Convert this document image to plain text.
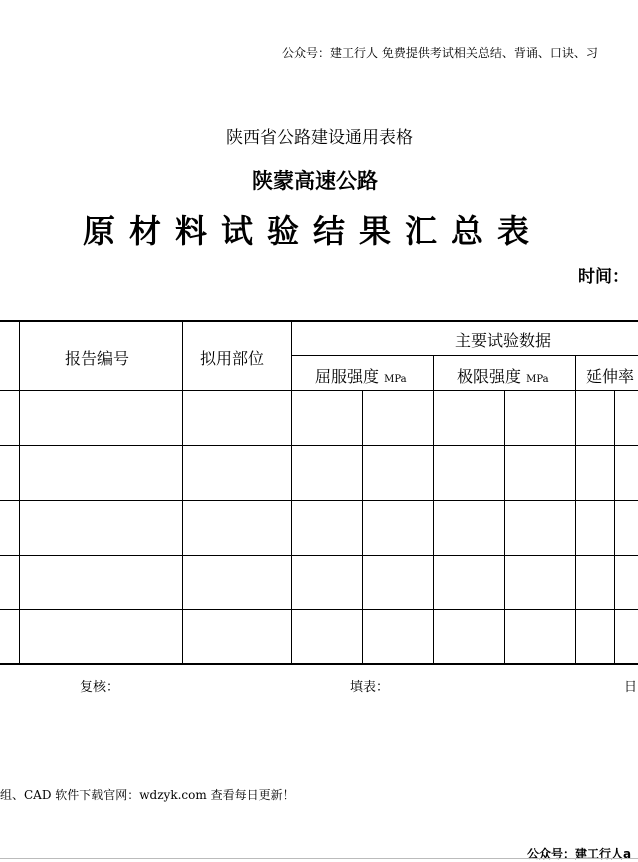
公众号：建工行人 免费提供考试相关总结、背诵、口诀、习
陕西省公路建设通用表格
陕蒙高速公路
原材料试验结果汇总表
时间：
报告编号	拟用部位
主要试验数据
屈服强度 MPa	极限强度 MPa 延伸率
复核：	填表：	日
组、CAD 软件下载官网：wdzyk.com 查看每日更新！
公众号：建工行人a
